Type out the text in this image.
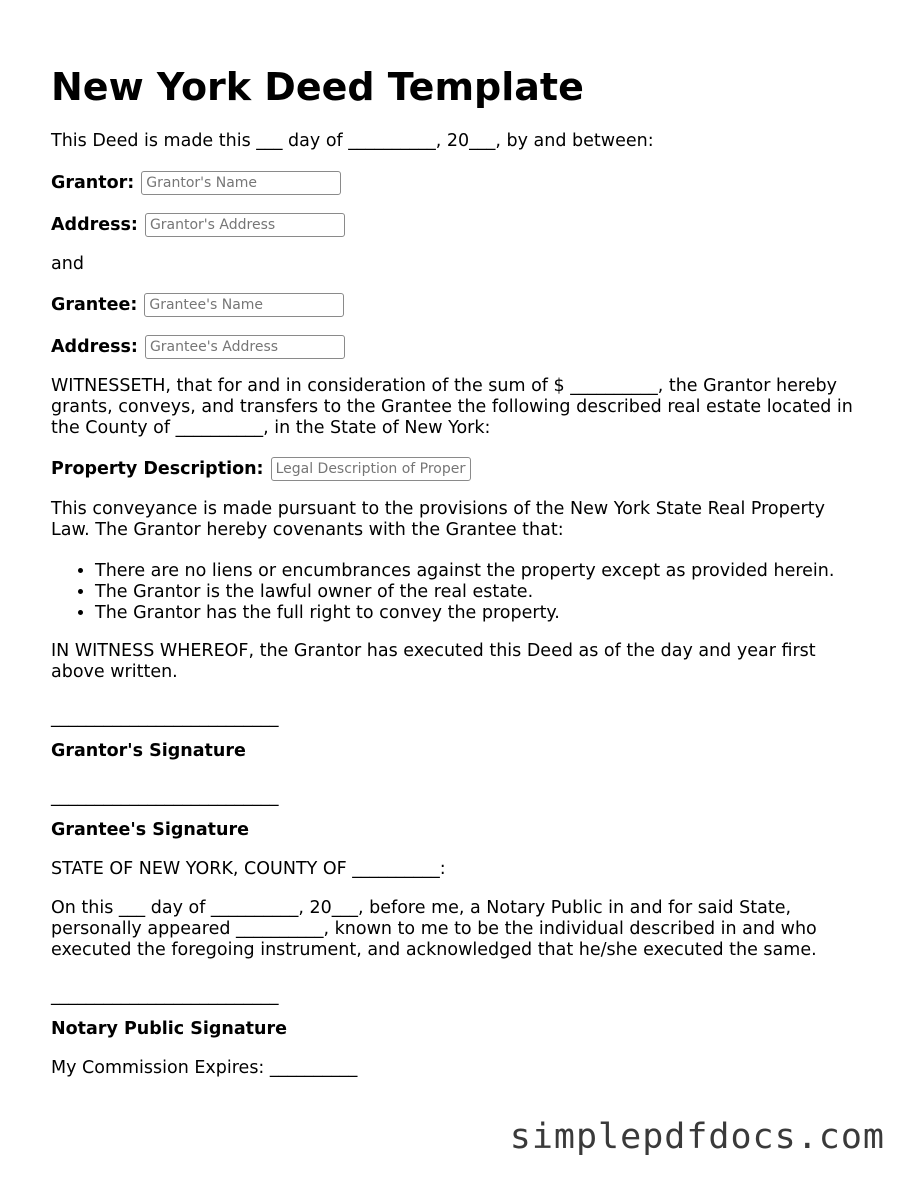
New York Deed Template

This Deed is made this ___ day of __________, 20___, by and between:

Grantor:
Grantor's Name
Address:
Grantor's Address

and

Grantee:
Grantee's Name
Address:
Grantee's Address

WITNESSETH, that for and in consideration of the sum of $ __________, the Grantor hereby grants, conveys, and transfers to the Grantee the following described real estate located in the County of __________, in the State of New York:

Property Description:
Legal Description of Property

This conveyance is made pursuant to the provisions of the New York State Real Property Law. The Grantor hereby covenants with the Grantee that:

• There are no liens or encumbrances against the property except as provided herein.
• The Grantor is the lawful owner of the real estate.
• The Grantor has the full right to convey the property.

IN WITNESS WHEREOF, the Grantor has executed this Deed as of the day and year first above written.

__________________________
Grantor's Signature
__________________________
Grantee's Signature

STATE OF NEW YORK, COUNTY OF __________:

On this ___ day of __________, 20___, before me, a Notary Public in and for said State, personally appeared __________, known to me to be the individual described in and who executed the foregoing instrument, and acknowledged that he/she executed the same.

__________________________
Notary Public Signature

My Commission Expires: __________

simplepdfdocs.com
